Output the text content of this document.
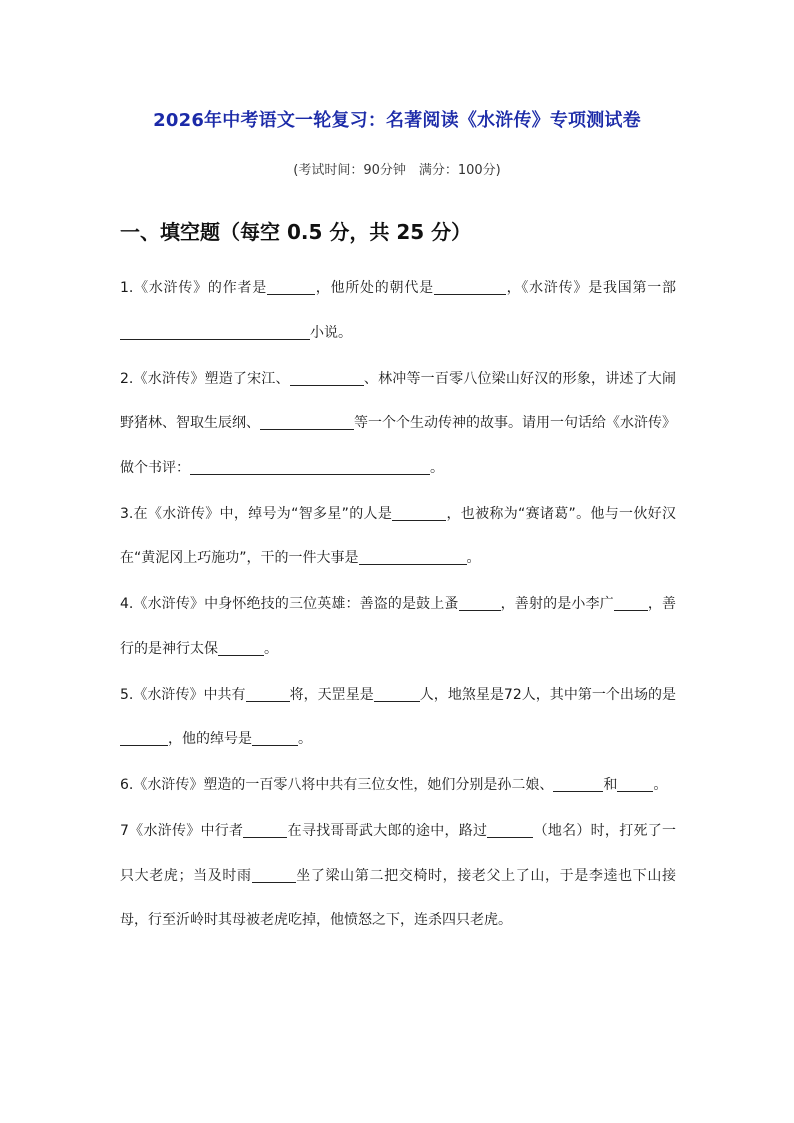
2026年中考语文一轮复习：名著阅读《水浒传》专项测试卷
(考试时间：90分钟　满分：100分)
一、填空题（每空 0.5 分，共 25 分）

1.《水浒传》的作者是	，他所处的朝代是	，《水浒传》是我国第一部小说。

2.《水浒传》塑造了宋江、	、林冲等一百零八位梁山好汉的形象，讲述了大闹野猪林、智取生辰纲、	等一个个生动传神的故事。请用一句话给《水浒传》做个书评：	。

3.在《水浒传》中，绰号为“智多星”的人是	，也被称为“赛诸葛”。他与一伙好汉在“黄泥冈上巧施功”，干的一件大事是	。

4.《水浒传》中身怀绝技的三位英雄：善盗的是鼓上蚤	，善射的是小李广 ，善行的是神行太保	。

5.《水浒传》中共有	将，天罡星是	人，地煞星是72人，其中第一个出场的是，他的绰号是	。

6.《水浒传》塑造的一百零八将中共有三位女性，她们分别是孙二娘、	和	。

7《水浒传》中行者	在寻找哥哥武大郎的途中，路过	（地名）时，打死了一只大老虎；当及时雨	坐了梁山第二把交椅时，接老父上了山，于是李逵也下山接母，行至沂岭时其母被老虎吃掉，他愤怒之下，连杀四只老虎。
